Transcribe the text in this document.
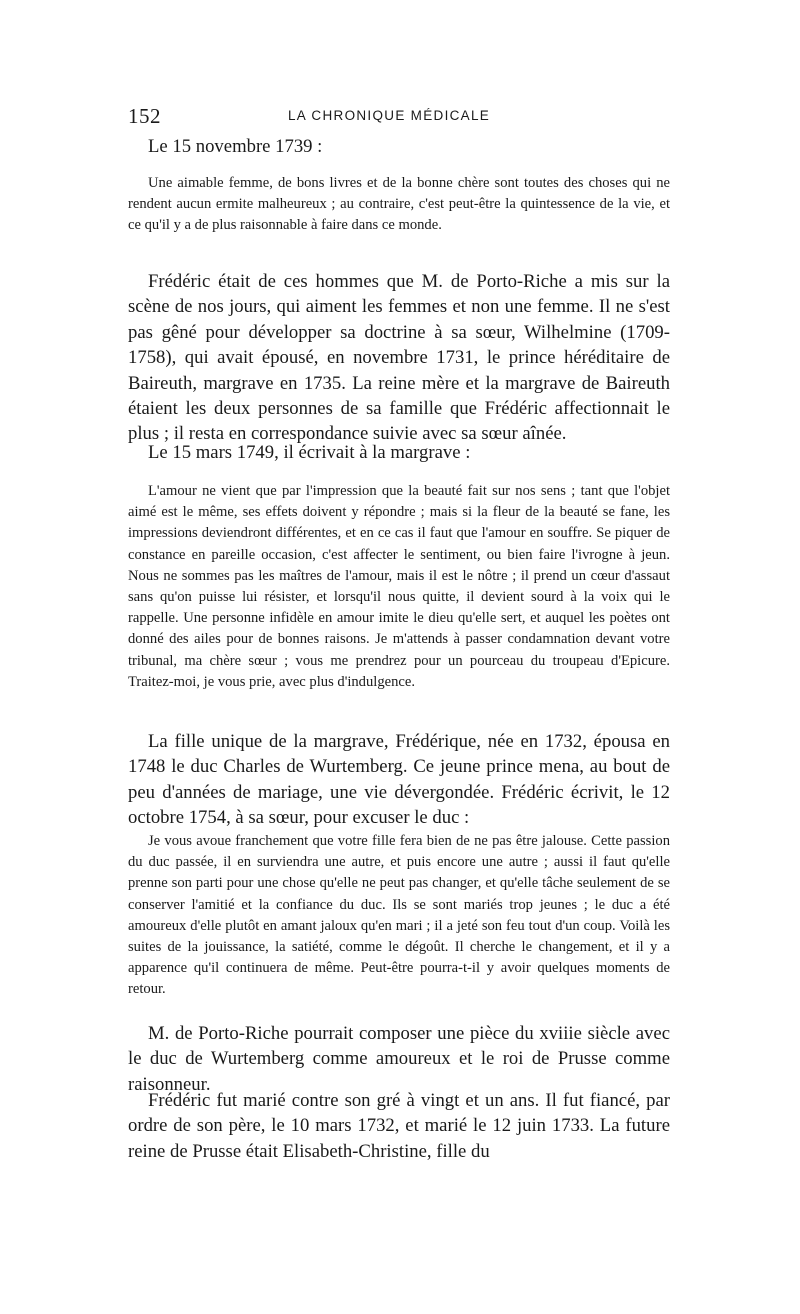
152	LA CHRONIQUE MÉDICALE

Le 15 novembre 1739 :

Une aimable femme, de bons livres et de la bonne chère sont toutes des choses qui ne rendent aucun ermite malheureux ; au contraire, c'est peut-être la quintessence de la vie, et ce qu'il y a de plus raisonnable à faire dans ce monde.

Frédéric était de ces hommes que M. de Porto-Riche a mis sur la scène de nos jours, qui aiment les femmes et non une femme. Il ne s'est pas gêné pour développer sa doctrine à sa sœur, Wilhelmine (1709-1758), qui avait épousé, en novembre 1731, le prince héréditaire de Baireuth, margrave en 1735. La reine mère et la margrave de Baireuth étaient les deux personnes de sa famille que Frédéric affectionnait le plus ; il resta en correspondance suivie avec sa sœur aînée.

Le 15 mars 1749, il écrivait à la margrave :

L'amour ne vient que par l'impression que la beauté fait sur nos sens ; tant que l'objet aimé est le même, ses effets doivent y répondre ; mais si la fleur de la beauté se fane, les impressions deviendront différentes, et en ce cas il faut que l'amour en souffre. Se piquer de constance en pareille occasion, c'est affecter le sentiment, ou bien faire l'ivrogne à jeun. Nous ne sommes pas les maîtres de l'amour, mais il est le nôtre ; il prend un cœur d'assaut sans qu'on puisse lui résister, et lorsqu'il nous quitte, il devient sourd à la voix qui le rappelle. Une personne infidèle en amour imite le dieu qu'elle sert, et auquel les poètes ont donné des ailes pour de bonnes raisons. Je m'attends à passer condamnation devant votre tribunal, ma chère sœur ; vous me prendrez pour un pourceau du troupeau d'Epicure. Traitez-moi, je vous prie, avec plus d'indulgence.

La fille unique de la margrave, Frédérique, née en 1732, épousa en 1748 le duc Charles de Wurtemberg. Ce jeune prince mena, au bout de peu d'années de mariage, une vie dévergondée. Frédéric écrivit, le 12 octobre 1754, à sa sœur, pour excuser le duc :

Je vous avoue franchement que votre fille fera bien de ne pas être jalouse. Cette passion du duc passée, il en surviendra une autre, et puis encore une autre ; aussi il faut qu'elle prenne son parti pour une chose qu'elle ne peut pas changer, et qu'elle tâche seulement de se conserver l'amitié et la confiance du duc. Ils se sont mariés trop jeunes ; le duc a été amoureux d'elle plutôt en amant jaloux qu'en mari ; il a jeté son feu tout d'un coup. Voilà les suites de la jouissance, la satiété, comme le dégoût. Il cherche le changement, et il y a apparence qu'il continuera de même. Peut-être pourra-t-il y avoir quelques moments de retour.

M. de Porto-Riche pourrait composer une pièce du xviiie siècle avec le duc de Wurtemberg comme amoureux et le roi de Prusse comme raisonneur.

Frédéric fut marié contre son gré à vingt et un ans. Il fut fiancé, par ordre de son père, le 10 mars 1732, et marié le 12 juin 1733. La future reine de Prusse était Elisabeth-Christine, fille du
